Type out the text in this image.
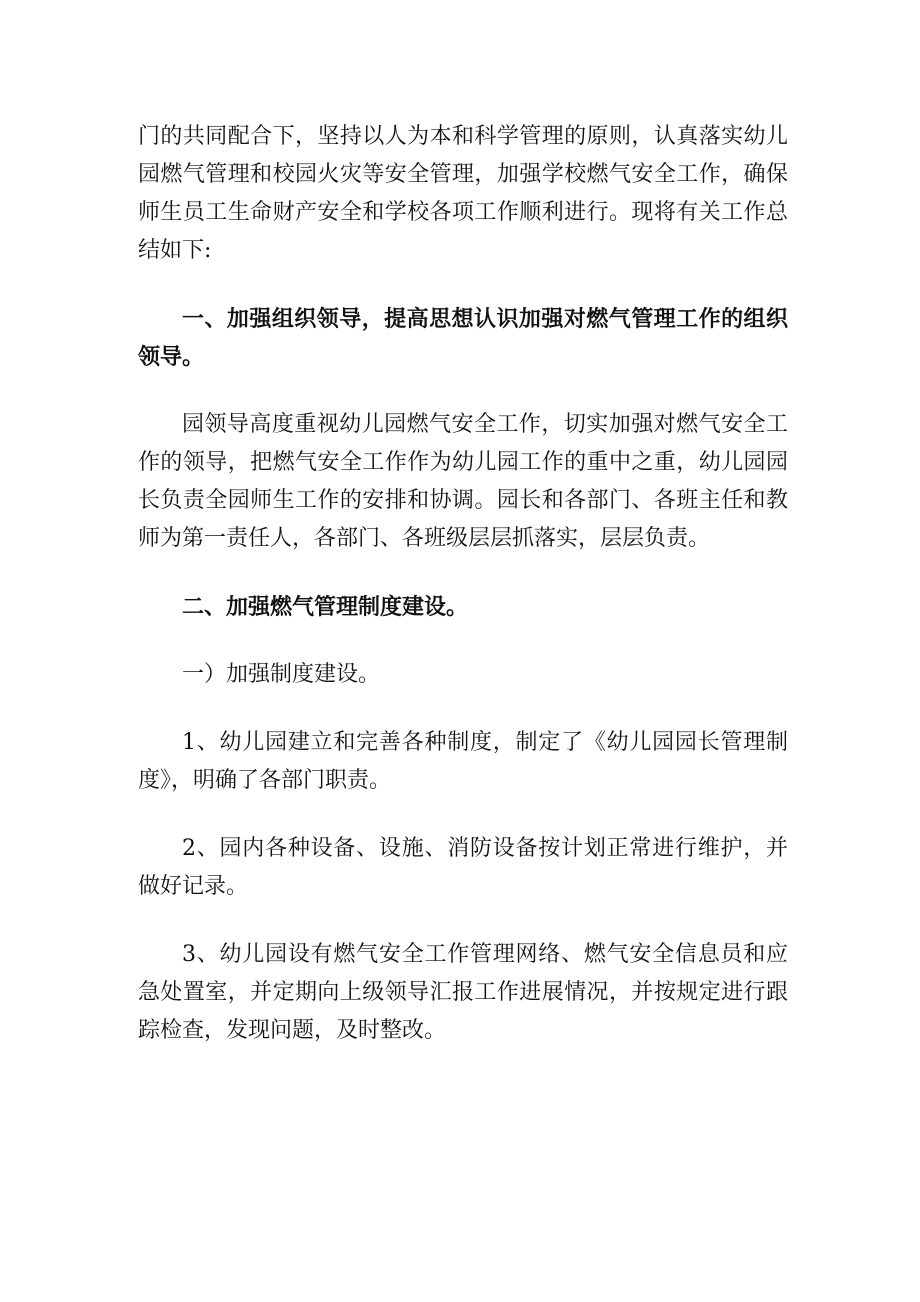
门的共同配合下，坚持以人为本和科学管理的原则，认真落实幼儿园燃气管理和校园火灾等安全管理，加强学校燃气安全工作，确保师生员工生命财产安全和学校各项工作顺利进行。现将有关工作总结如下:

一、加强组织领导，提高思想认识加强对燃气管理工作的组织领导。

园领导高度重视幼儿园燃气安全工作，切实加强对燃气安全工作的领导，把燃气安全工作作为幼儿园工作的重中之重，幼儿园园长负责全园师生工作的安排和协调。园长和各部门、各班主任和教师为第一责任人，各部门、各班级层层抓落实，层层负责。

二、加强燃气管理制度建设。

一）加强制度建设。

1、幼儿园建立和完善各种制度，制定了《幼儿园园长管理制度》，明确了各部门职责。

2、园内各种设备、设施、消防设备按计划正常进行维护，并做好记录。

3、幼儿园设有燃气安全工作管理网络、燃气安全信息员和应急处置室，并定期向上级领导汇报工作进展情况，并按规定进行跟踪检查，发现问题，及时整改。
